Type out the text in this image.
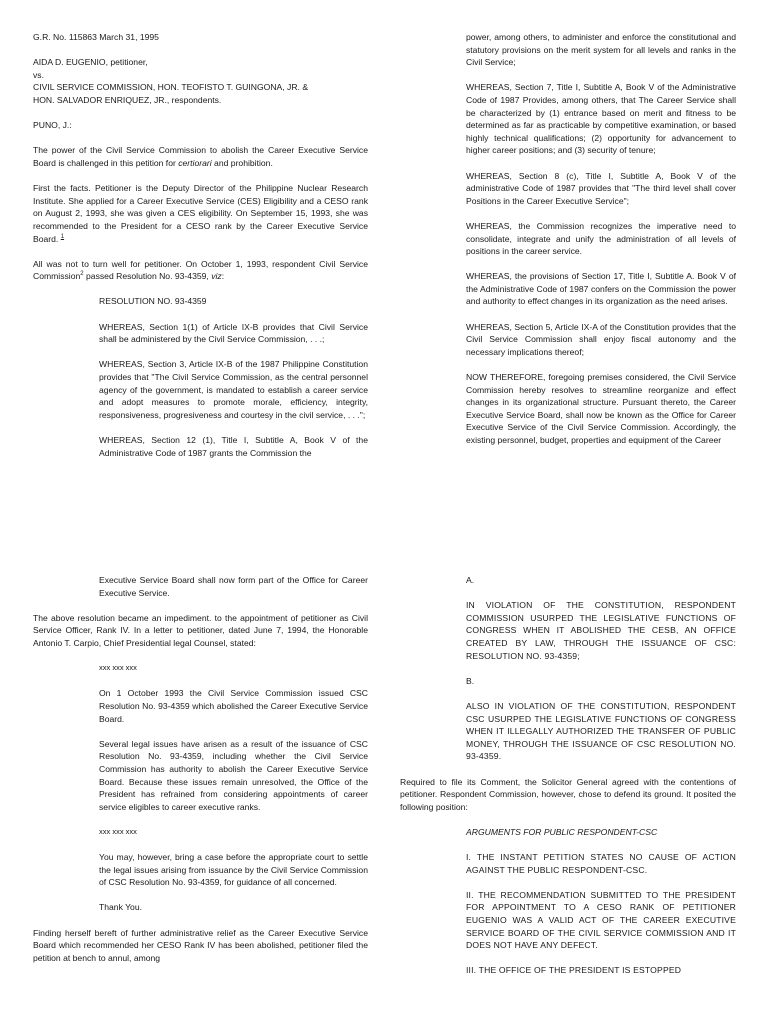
G.R. No. 115863 March 31, 1995

AIDA D. EUGENIO, petitioner,
vs.
CIVIL SERVICE COMMISSION, HON. TEOFISTO T. GUINGONA, JR. &

HON. SALVADOR ENRIQUEZ, JR., respondents.

PUNO, J.:

The power of the Civil Service Commission to abolish the Career Executive Service Board is challenged in this petition for certiorari and prohibition.

First the facts. Petitioner is the Deputy Director of the Philippine Nuclear Research Institute. She applied for a Career Executive Service (CES) Eligibility and a CESO rank on August 2, 1993, she was given a CES eligibility. On September 15, 1993, she was recommended to the President for a CESO rank by the Career Executive Service Board. $^1$

All was not to turn well for petitioner. On October 1, 1993, respondent Civil Service Commission$^2$ passed Resolution No. 93-4359, viz:

RESOLUTION NO. 93-4359

WHEREAS, Section 1(1) of Article IX-B provides that Civil Service shall be administered by the Civil Service Commission, . . .;

WHEREAS, Section 3, Article IX-B of the 1987 Philippine Constitution provides that "The Civil Service Commission, as the central personnel agency of the government, is mandated to establish a career service and adopt measures to promote morale, efficiency, integrity, responsiveness, progresiveness and courtesy in the civil service, . . .";

WHEREAS, Section 12 (1), Title I, Subtitle A, Book V of the Administrative Code of 1987 grants the Commission the

power, among others, to administer and enforce the constitutional and statutory provisions on the merit system for all levels and ranks in the Civil Service;

WHEREAS, Section 7, Title I, Subtitle A, Book V of the Administrative Code of 1987 Provides, among others, that The Career Service shall be characterized by (1) entrance based on merit and fitness to be determined as far as practicable by competitive examination, or based highly technical qualifications; (2) opportunity for advancement to higher career positions; and (3) security of tenure;

WHEREAS, Section 8 (c), Title I, Subtitle A, Book V of the administrative Code of 1987 provides that "The third level shall cover Positions in the Career Executive Service";

WHEREAS, the Commission recognizes the imperative need to consolidate, integrate and unify the administration of all levels of positions in the career service.

WHEREAS, the provisions of Section 17, Title I, Subtitle A. Book V of the Administrative Code of 1987 confers on the Commission the power and authority to effect changes in its organization as the need arises.

WHEREAS, Section 5, Article IX-A of the Constitution provides that the Civil Service Commission shall enjoy fiscal autonomy and the necessary implications thereof;

NOW THEREFORE, foregoing premises considered, the Civil Service Commission hereby resolves to streamline reorganize and effect changes in its organizational structure. Pursuant thereto, the Career Executive Service Board, shall now be known as the Office for Career Executive Service of the Civil Service Commission. Accordingly, the existing personnel, budget, properties and equipment of the Career

Executive Service Board shall now form part of the Office for Career Executive Service.

The above resolution became an impediment. to the appointment of petitioner as Civil Service Officer, Rank IV. In a letter to petitioner, dated June 7, 1994, the Honorable Antonio T. Carpio, Chief Presidential legal Counsel, stated:

xxx xxx xxx

On 1 October 1993 the Civil Service Commission issued CSC Resolution No. 93-4359 which abolished the Career Executive Service Board.

Several legal issues have arisen as a result of the issuance of CSC Resolution No. 93-4359, including whether the Civil Service Commission has authority to abolish the Career Executive Service Board. Because these issues remain unresolved, the Office of the President has refrained from considering appointments of career service eligibles to career executive ranks.

xxx xxx xxx

You may, however, bring a case before the appropriate court to settle the legal issues arising from issuance by the Civil Service Commission of CSC Resolution No. 93-4359, for guidance of all concerned.

Thank You.

Finding herself bereft of further administrative relief as the Career Executive Service Board which recommended her CESO Rank IV has been abolished, petitioner filed the petition at bench to annul, among

A.

IN VIOLATION OF THE CONSTITUTION, RESPONDENT COMMISSION USURPED THE LEGISLATIVE FUNCTIONS OF CONGRESS WHEN IT ABOLISHED THE CESB, AN OFFICE CREATED BY LAW, THROUGH THE ISSUANCE OF CSC: RESOLUTION NO. 93-4359;

B.

ALSO IN VIOLATION OF THE CONSTITUTION, RESPONDENT CSC USURPED THE LEGISLATIVE FUNCTIONS OF CONGRESS WHEN IT ILLEGALLY AUTHORIZED THE TRANSFER OF PUBLIC MONEY, THROUGH THE ISSUANCE OF CSC RESOLUTION NO. 93-4359.

Required to file its Comment, the Solicitor General agreed with the contentions of petitioner. Respondent Commission, however, chose to defend its ground. It posited the following position:

ARGUMENTS FOR PUBLIC RESPONDENT-CSC

I. THE INSTANT PETITION STATES NO CAUSE OF ACTION AGAINST THE PUBLIC RESPONDENT-CSC.

II. THE RECOMMENDATION SUBMITTED TO THE PRESIDENT FOR APPOINTMENT TO A CESO RANK OF PETITIONER EUGENIO WAS A VALID ACT OF THE CAREER EXECUTIVE SERVICE BOARD OF THE CIVIL SERVICE COMMISSION AND IT DOES NOT HAVE ANY DEFECT.

III. THE OFFICE OF THE PRESIDENT IS ESTOPPED
